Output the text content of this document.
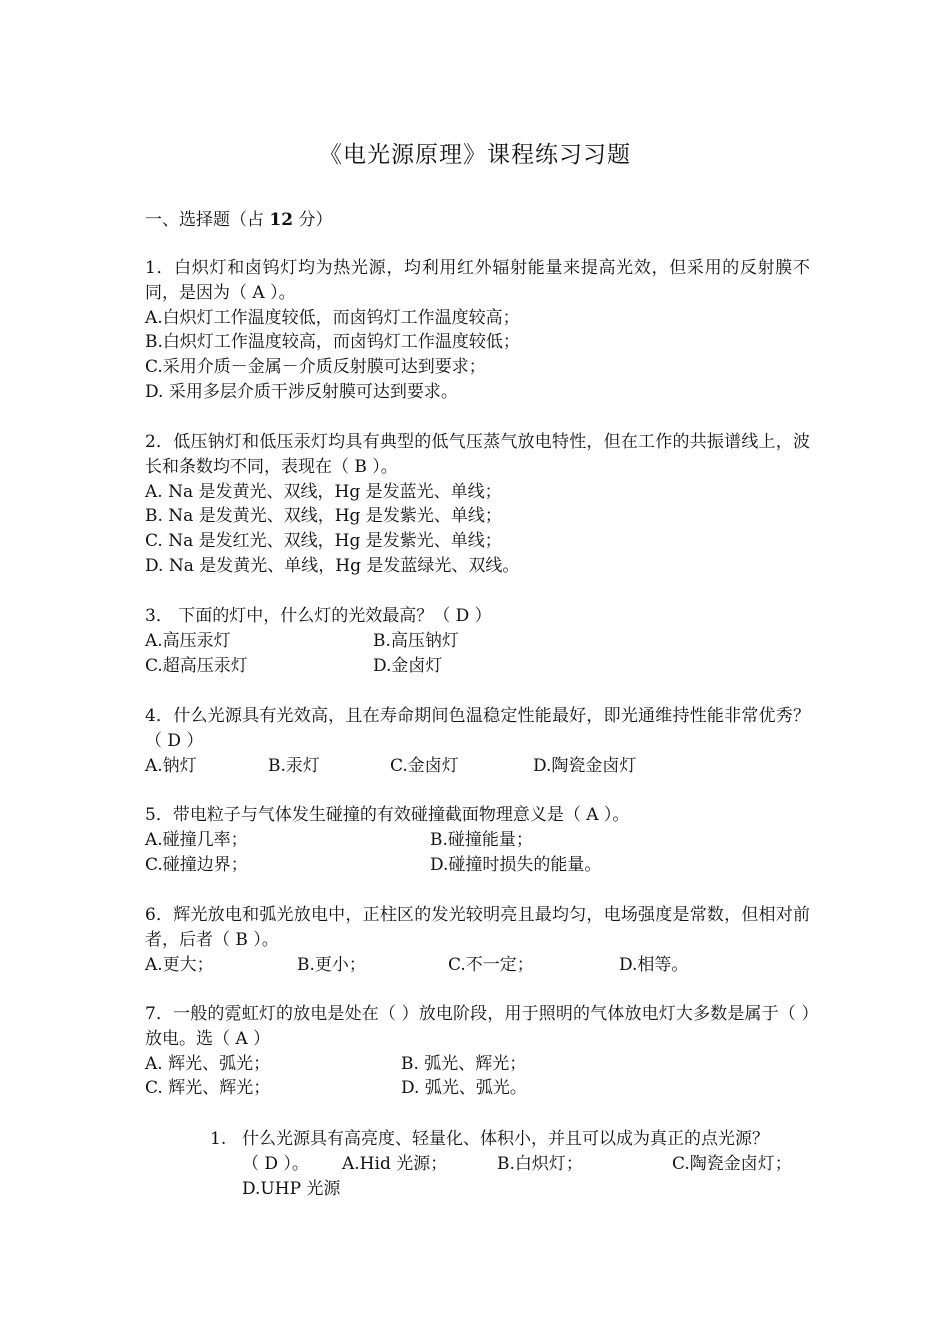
《电光源原理》课程练习习题
一、选择题（占 12 分）
1．白炽灯和卤钨灯均为热光源，均利用红外辐射能量来提高光效，但采用的反射膜不同，是因为（ A ）。
A.白炽灯工作温度较低，而卤钨灯工作温度较高；
B.白炽灯工作温度较高，而卤钨灯工作温度较低；
C.采用介质－金属－介质反射膜可达到要求；
D. 采用多层介质干涉反射膜可达到要求。
2．低压钠灯和低压汞灯均具有典型的低气压蒸气放电特性，但在工作的共振谱线上，波长和条数均不同，表现在（ B ）。
A. Na 是发黄光、双线，Hg 是发蓝光、单线；
B. Na 是发黄光、双线，Hg 是发紫光、单线；
C. Na 是发红光、双线，Hg 是发紫光、单线；
D. Na 是发黄光、单线，Hg 是发蓝绿光、双线。
3． 下面的灯中，什么灯的光效最高？（ D ）
A.高压汞灯	B.高压钠灯
C.超高压汞灯	D.金卤灯
4．什么光源具有光效高，且在寿命期间色温稳定性能最好，即光通维持性能非常优秀？（ D ）
A.钠灯	B.汞灯	C.金卤灯	D.陶瓷金卤灯
5．带电粒子与气体发生碰撞的有效碰撞截面物理意义是（ A ）。
A.碰撞几率；	B.碰撞能量；
C.碰撞边界；	D.碰撞时损失的能量。
6．辉光放电和弧光放电中，正柱区的发光较明亮且最均匀，电场强度是常数，但相对前者，后者（ B ）。
A.更大；	B.更小；	C.不一定；	D.相等。
7．一般的霓虹灯的放电是处在（ ）放电阶段，用于照明的气体放电灯大多数是属于（ ）放电。选（ A ）
A. 辉光、弧光；	B. 弧光、辉光；
C. 辉光、辉光；	D. 弧光、弧光。
1. 什么光源具有高亮度、轻量化、体积小，并且可以成为真正的点光源？
（ D ）。 A.Hid 光源；	B.白炽灯；	C.陶瓷金卤灯；
D.UHP 光源
